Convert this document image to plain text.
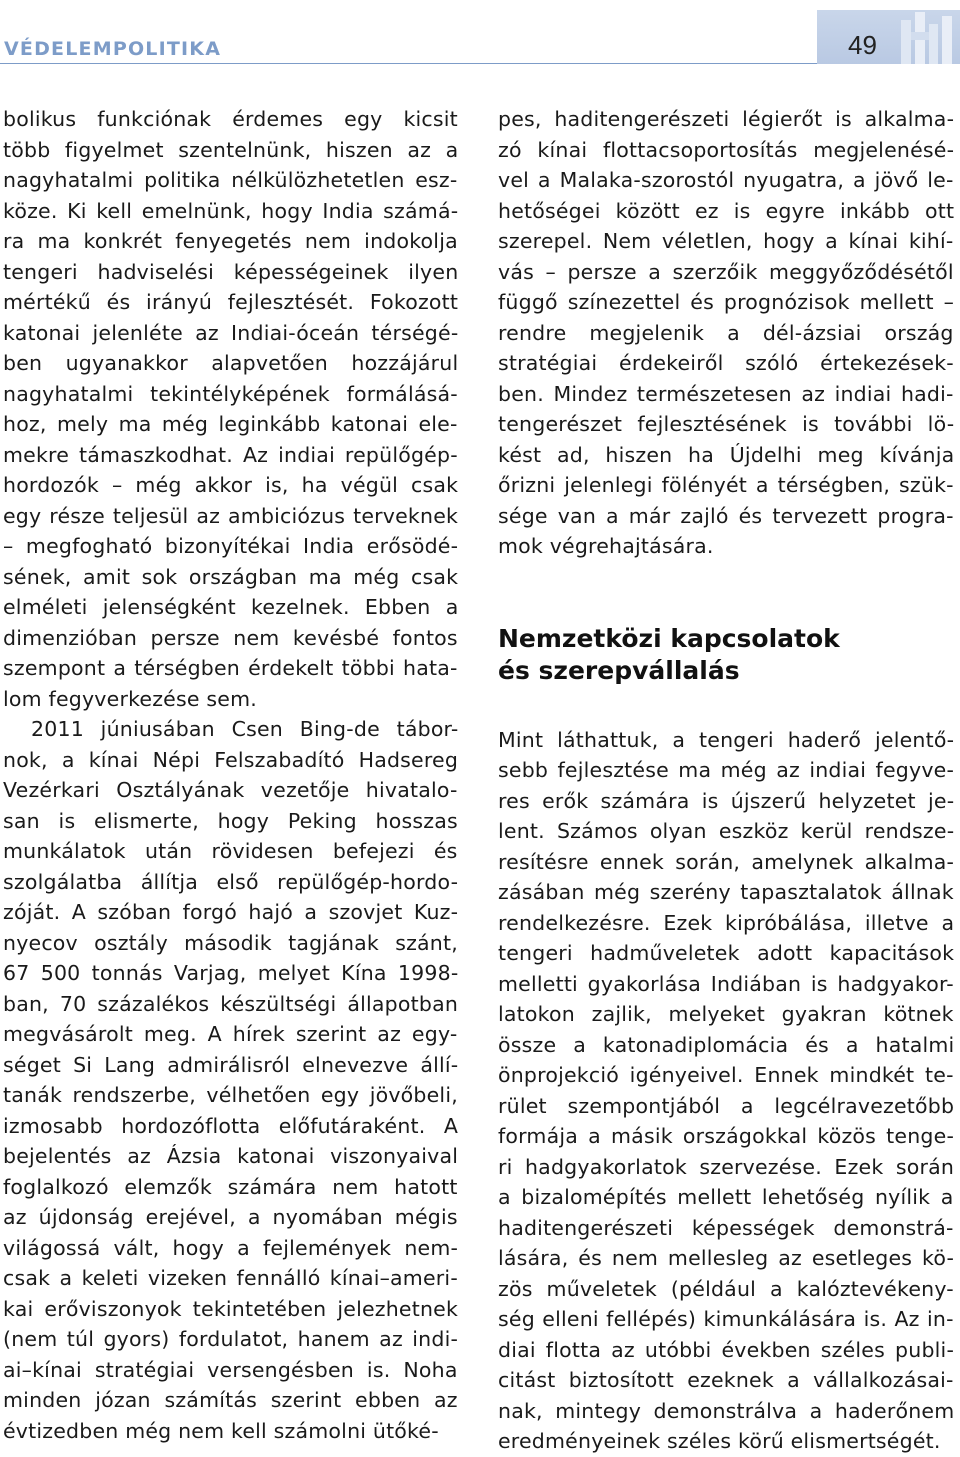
VÉDELEMPOLITIKA	49

bolikus funkciónak érdemes egy kicsit
több figyelmet szentelnünk, hiszen az a
nagyhatalmi politika nélkülözhetetlen esz-
köze. Ki kell emelnünk, hogy India számá-
ra ma konkrét fenyegetés nem indokolja
tengeri hadviselési képességeinek ilyen
mértékű és irányú fejlesztését. Fokozott
katonai jelenléte az Indiai-óceán térségé-
ben ugyanakkor alapvetően hozzájárul
nagyhatalmi tekintélyképének formálásá-
hoz, mely ma még leginkább katonai ele-
mekre támaszkodhat. Az indiai repülőgép-
hordozók – még akkor is, ha végül csak
egy része teljesül az ambiciózus terveknek
– megfogható bizonyítékai India erősödé-
sének, amit sok országban ma még csak
elméleti jelenségként kezelnek. Ebben a
dimenzióban persze nem kevésbé fontos
szempont a térségben érdekelt többi hata-
lom fegyverkezése sem.

2011 júniusában Csen Bing-de tábor-
nok, a kínai Népi Felszabadító Hadsereg
Vezérkari Osztályának vezetője hivatalo-
san is elismerte, hogy Peking hosszas
munkálatok után rövidesen befejezi és
szolgálatba állítja első repülőgép-hordo-
zóját. A szóban forgó hajó a szovjet Kuz-
nyecov osztály második tagjának szánt,
67 500 tonnás Varjag, melyet Kína 1998-
ban, 70 százalékos készültségi állapotban
megvásárolt meg. A hírek szerint az egy-
séget Si Lang admirálisról elnevezve állí-
tanák rendszerbe, vélhetően egy jövőbeli,
izmosabb hordozóflotta előfutáraként. A
bejelentés az Ázsia katonai viszonyaival
foglalkozó elemzők számára nem hatott
az újdonság erejével, a nyomában mégis
világossá vált, hogy a fejlemények nem-
csak a keleti vizeken fennálló kínai–ameri-
kai erőviszonyok tekintetében jelezhetnek
(nem túl gyors) fordulatot, hanem az indi-
ai–kínai stratégiai versengésben is. Noha
minden józan számítás szerint ebben az
évtizedben még nem kell számolni ütőké-

pes, haditengerészeti légierőt is alkalma-
zó kínai flottacsoportosítás megjelenésé-
vel a Malaka-szorostól nyugatra, a jövő le-
hetőségei között ez is egyre inkább ott
szerepel. Nem véletlen, hogy a kínai kihí-
vás – persze a szerzőik meggyőződésétől
függő színezettel és prognózisok mellett –
rendre megjelenik a dél-ázsiai ország
stratégiai érdekeiről szóló értekezések-
ben. Mindez természetesen az indiai hadi-
tengerészet fejlesztésének is további lö-
kést ad, hiszen ha Újdelhi meg kívánja
őrizni jelenlegi fölényét a térségben, szük-
sége van a már zajló és tervezett progra-
mok végrehajtására.

Nemzetközi kapcsolatok
és szerepvállalás

Mint láthattuk, a tengeri haderő jelentő-
sebb fejlesztése ma még az indiai fegyve-
res erők számára is újszerű helyzetet je-
lent. Számos olyan eszköz kerül rendsze-
resítésre ennek során, amelynek alkalma-
zásában még szerény tapasztalatok állnak
rendelkezésre. Ezek kipróbálása, illetve a
tengeri hadműveletek adott kapacitások
melletti gyakorlása Indiában is hadgyakor-
latokon zajlik, melyeket gyakran kötnek
össze a katonadiplomácia és a hatalmi
önprojekció igényeivel. Ennek mindkét te-
rület szempontjából a legcélravezetőbb
formája a másik országokkal közös tenge-
ri hadgyakorlatok szervezése. Ezek során
a bizalomépítés mellett lehetőség nyílik a
haditengerészeti képességek demonstrá-
lására, és nem mellesleg az esetleges kö-
zös műveletek (például a kalóztevékeny-
ség elleni fellépés) kimunkálására is. Az in-
diai flotta az utóbbi években széles publi-
citást biztosított ezeknek a vállalkozásai-
nak, mintegy demonstrálva a haderőnem
eredményeinek széles körű elismertségét.
